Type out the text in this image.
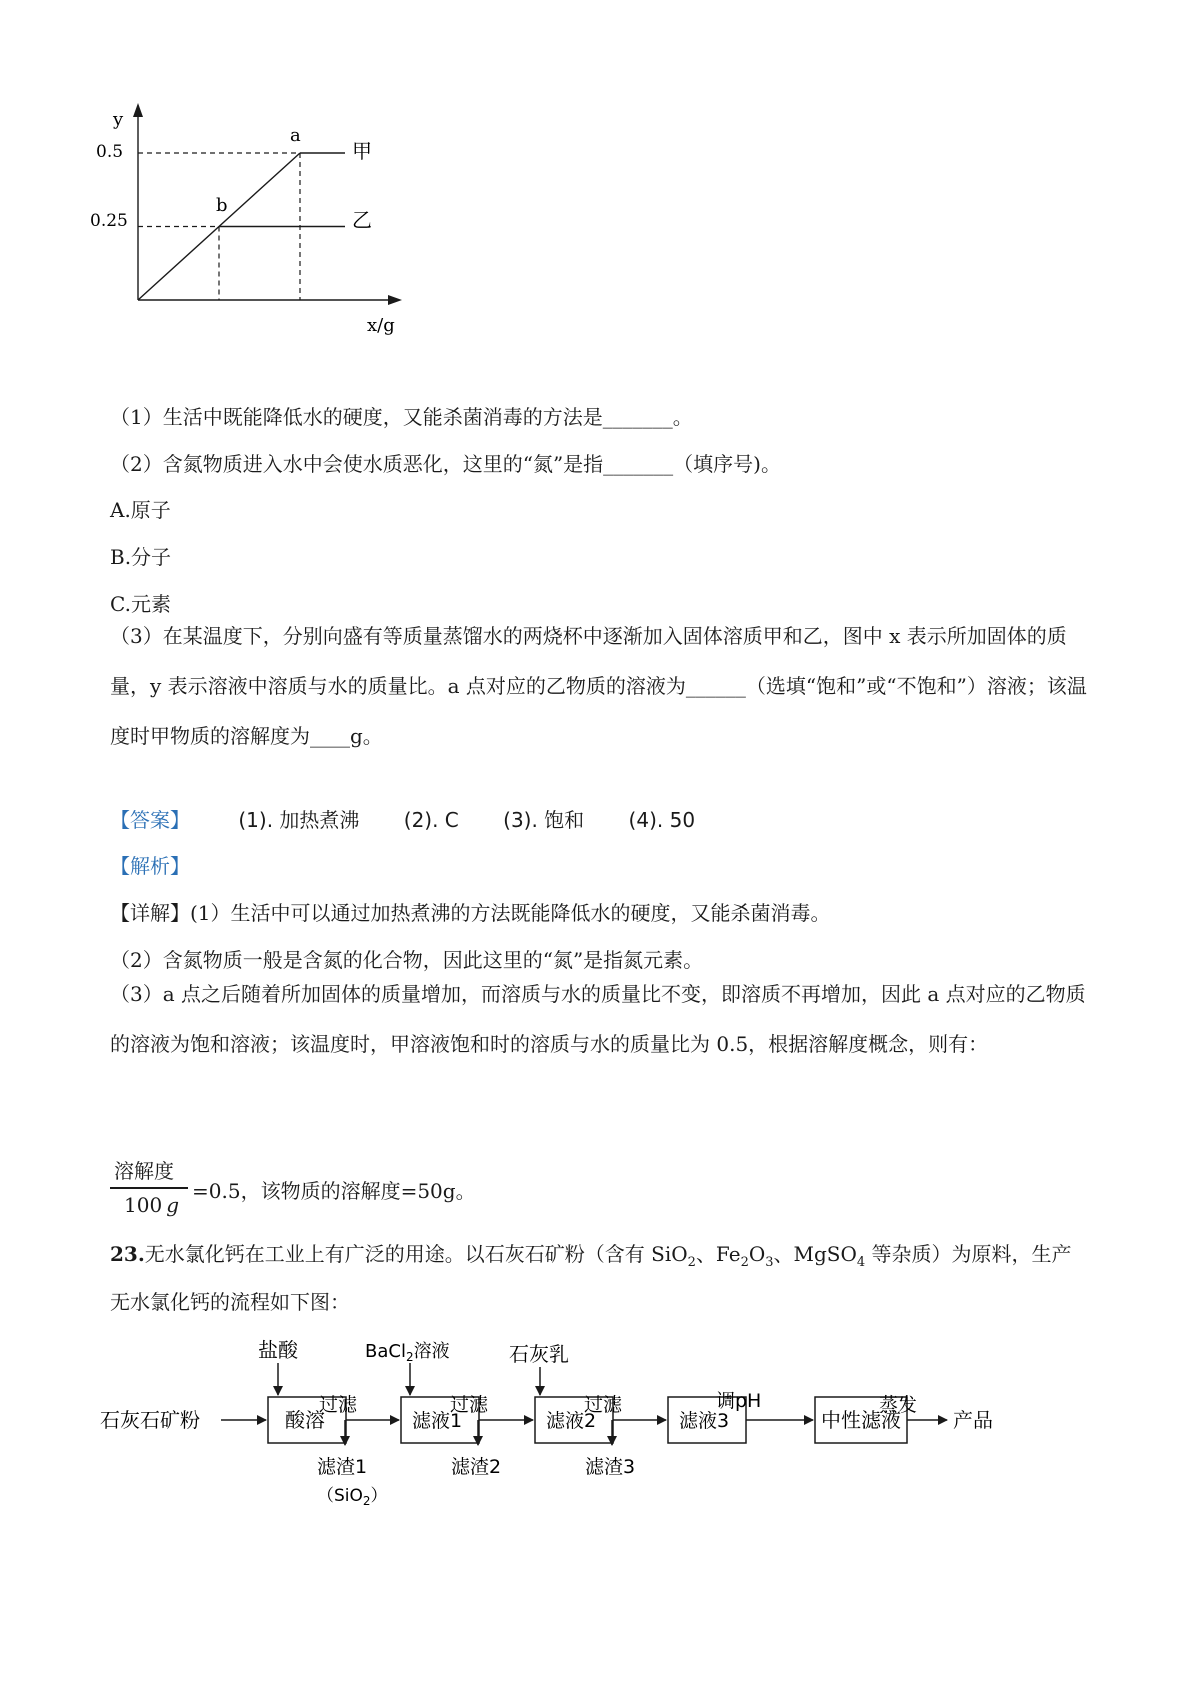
y
x/g
0.5
0.25
a
b
甲
乙
（1）生活中既能降低水的硬度，又能杀菌消毒的方法是_______。
（2）含氮物质进入水中会使水质恶化，这里的“氮”是指_______（填序号)。
A.原子
B.分子
C.元素
（3）在某温度下，分别向盛有等质量蒸馏水的两烧杯中逐渐加入固体溶质甲和乙，图中 x 表示所加固体的质量，y 表示溶液中溶质与水的质量比。a 点对应的乙物质的溶液为______（选填“饱和”或“不饱和”）溶液；该温度时甲物质的溶解度为____g。
【答案】 (1). 加热煮沸 (2). C (3). 饱和 (4). 50
【解析】
【详解】(1）生活中可以通过加热煮沸的方法既能降低水的硬度，又能杀菌消毒。
（2）含氮物质一般是含氮的化合物，因此这里的“氮”是指氮元素。
（3）a 点之后随着所加固体的质量增加，而溶质与水的质量比不变，即溶质不再增加，因此 a 点对应的乙物质的溶液为饱和溶液；该温度时，甲溶液饱和时的溶质与水的质量比为 0.5，根据溶解度概念，则有：
溶解度
100  g
=0.5，该物质的溶解度=50g。
23.无水氯化钙在工业上有广泛的用途。以石灰石矿粉（含有 SiO$_2$、$Fe_2O_3$、MgSO$_4$ 等杂质）为原料，生产
无水氯化钙的流程如下图：
石灰石矿粉	酸溶	滤液1	滤液2	滤液3	中性滤液	产品
盐酸	BaCl$_2$溶液	石灰乳
过滤	过滤	过滤	调pH	蒸发
滤渣1
（SiO$_2$）
滤渣2	滤渣3
